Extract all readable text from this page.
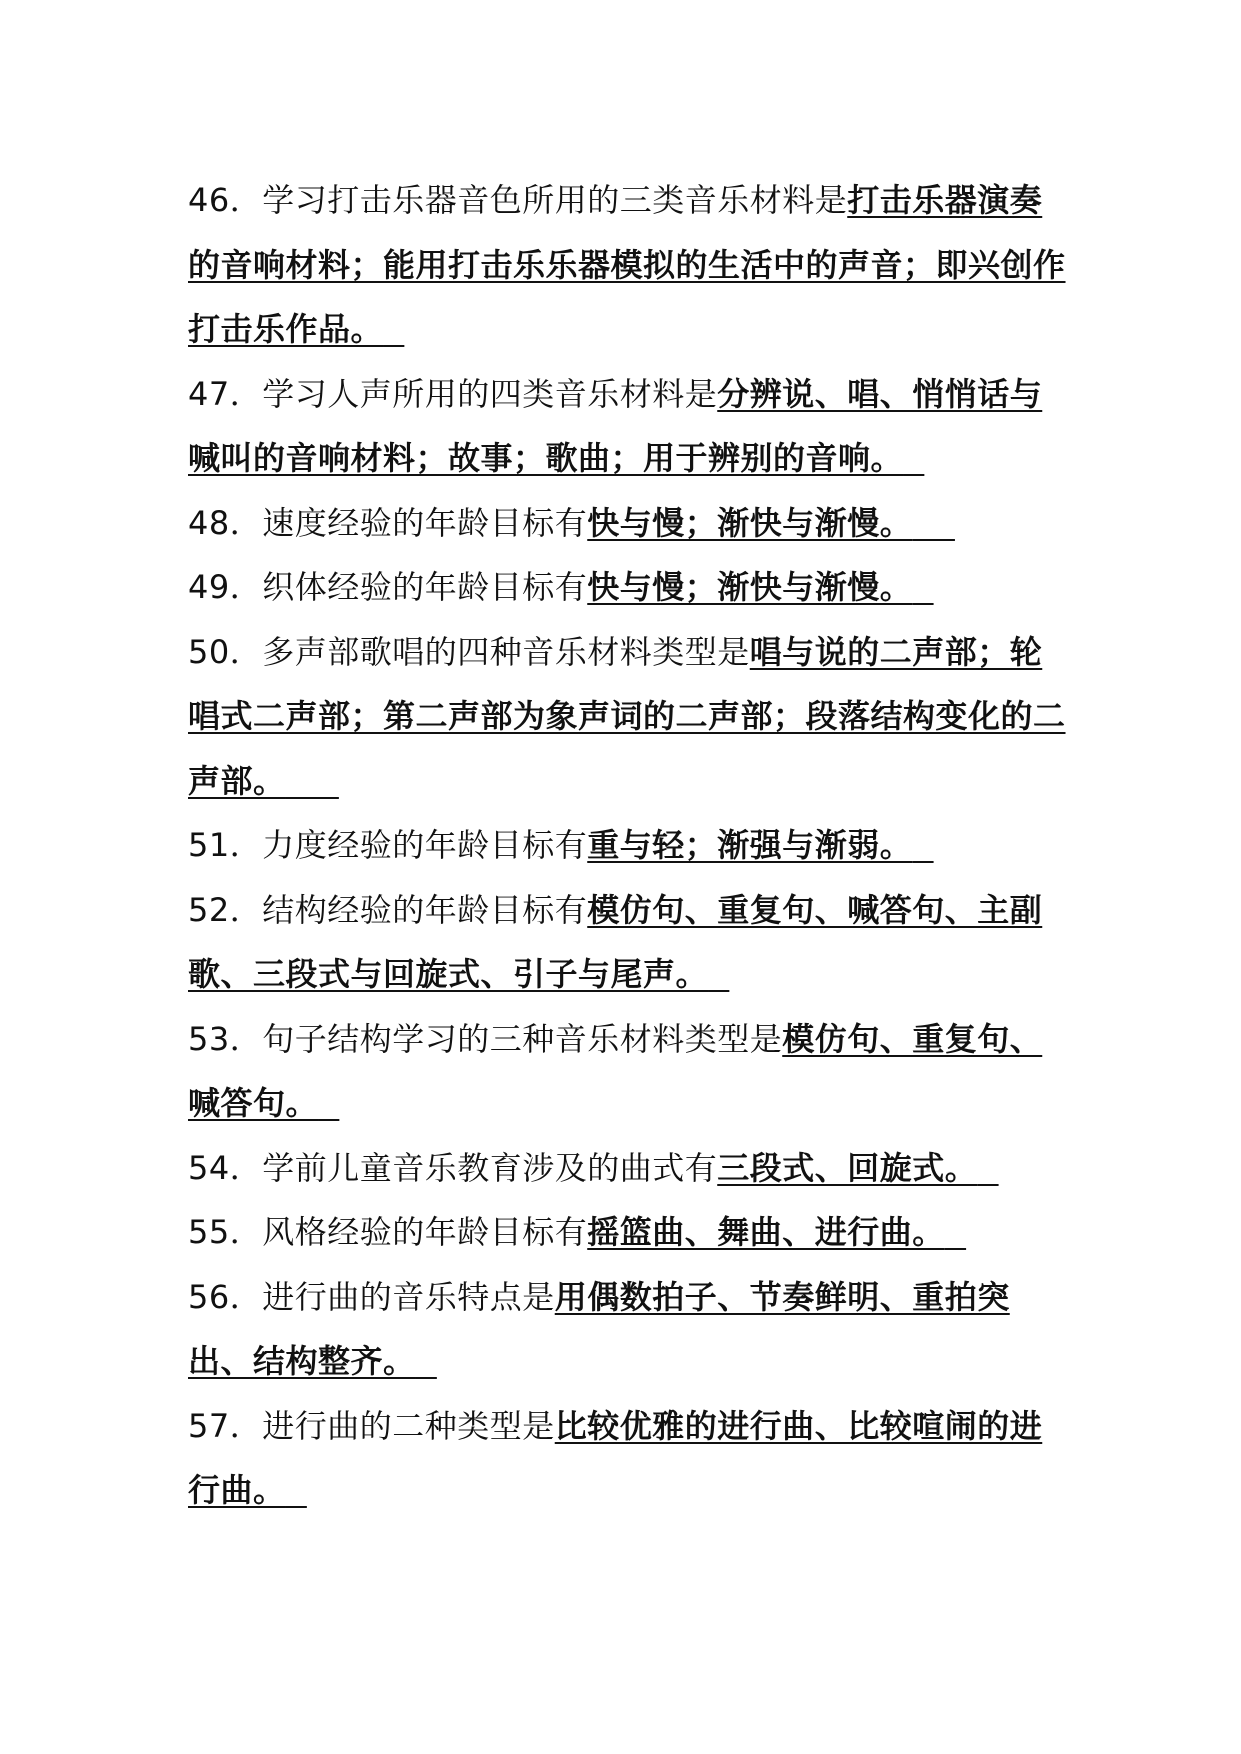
46．学习打击乐器音色所用的三类音乐材料是打击乐器演奏的音响材料；能用打击乐乐器模拟的生活中的声音；即兴创作打击乐作品。

47．学习人声所用的四类音乐材料是分辨说、唱、悄悄话与喊叫的音响材料；故事；歌曲；用于辨别的音响。

48．速度经验的年龄目标有快与慢；渐快与渐慢。

49．织体经验的年龄目标有快与慢；渐快与渐慢。

50．多声部歌唱的四种音乐材料类型是唱与说的二声部；轮唱式二声部；第二声部为象声词的二声部；段落结构变化的二声部。

51．力度经验的年龄目标有重与轻；渐强与渐弱。

52．结构经验的年龄目标有模仿句、重复句、喊答句、主副歌、三段式与回旋式、引子与尾声。

53．句子结构学习的三种音乐材料类型是模仿句、重复句、喊答句。

54．学前儿童音乐教育涉及的曲式有三段式、回旋式。

55．风格经验的年龄目标有摇篮曲、舞曲、进行曲。

56．进行曲的音乐特点是用偶数拍子、节奏鲜明、重拍突出、结构整齐。

57．进行曲的二种类型是比较优雅的进行曲、比较喧闹的进行曲。
